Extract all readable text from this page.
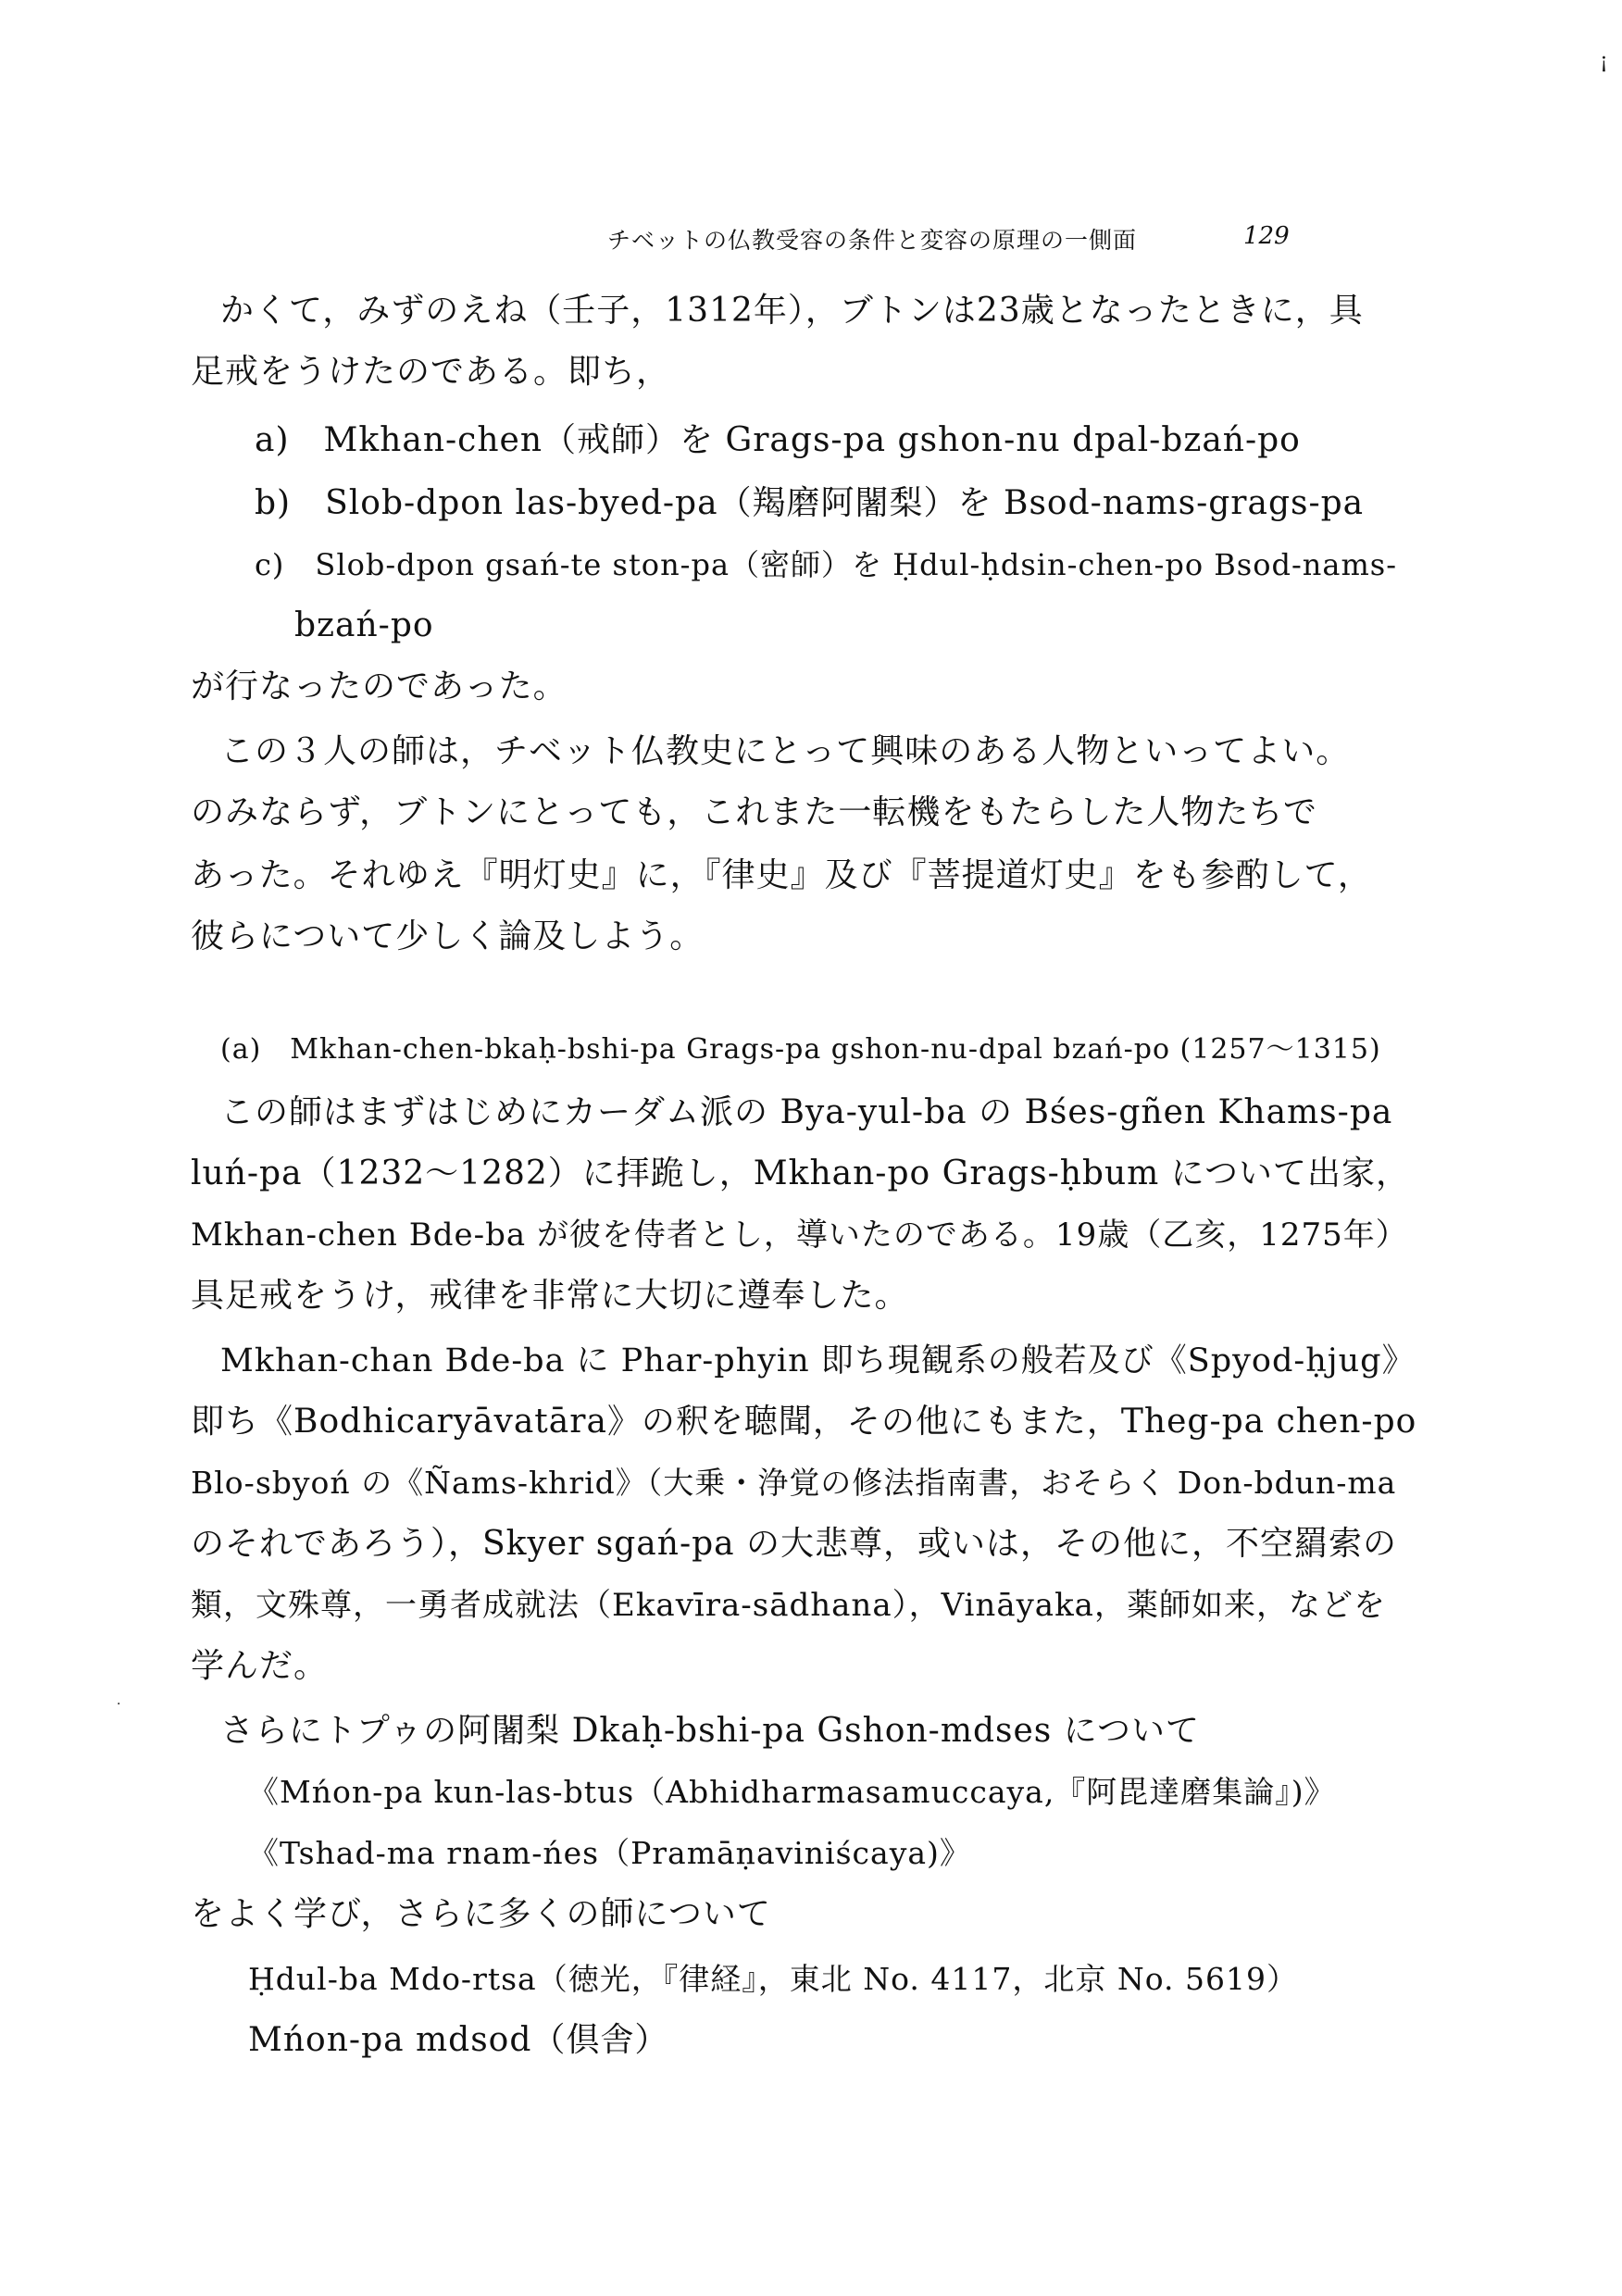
¡
·
チベットの仏教受容の条件と変容の原理の一側面	129
かくて，みずのえね（壬子，1312年），ブトンは23歳となったときに，具
足戒をうけたのである。即ち，
a)　Mkhan-chen（戒師）を Grags-pa gshon-nu dpal-bzań-po
b)　Slob-dpon las-byed-pa（羯磨阿闍梨）を Bsod-nams-grags-pa
c)　Slob-dpon gsań-te ston-pa（密師）を Ḥdul-ḥdsin-chen-po Bsod-nams-
bzań-po
が行なったのであった。
この３人の師は，チベット仏教史にとって興味のある人物といってよい。
のみならず，ブトンにとっても，これまた一転機をもたらした人物たちで
あった。それゆえ『明灯史』に，『律史』及び『菩提道灯史』をも参酌して，
彼らについて少しく論及しよう。
(a)　Mkhan-chen-bkaḥ-bshi-pa Grags-pa gshon-nu-dpal bzań-po (1257～1315)
この師はまずはじめにカーダム派の Bya-yul-ba の Bśes-gñen Khams-pa
luń-pa（1232～1282）に拝跪し，Mkhan-po Grags-ḥbum について出家，
Mkhan-chen Bde-ba が彼を侍者とし，導いたのである。19歳（乙亥，1275年）
具足戒をうけ，戒律を非常に大切に遵奉した。
Mkhan-chan Bde-ba に Phar-phyin 即ち現観系の般若及び《Spyod-ḥjug》
即ち《Bodhicaryāvatāra》の釈を聴聞，その他にもまた，Theg-pa chen-po
Blo-sbyoń の《Ñams-khrid》（大乗・浄覚の修法指南書，おそらく Don-bdun-ma
のそれであろう），Skyer sgań-pa の大悲尊，或いは，その他に，不空羂索の
類，文殊尊，一勇者成就法（Ekavīra-sādhana），Vināyaka，薬師如来，などを
学んだ。
さらにトプゥの阿闍梨 Dkaḥ-bshi-pa Gshon-mdses について
《Mńon-pa kun-las-btus（Abhidharmasamuccaya,『阿毘達磨集論』)》
《Tshad-ma rnam-ńes（Pramāṇaviniścaya)》
をよく学び，さらに多くの師について
Ḥdul-ba Mdo-rtsa（徳光，『律経』，東北 No. 4117，北京 No. 5619）
Mńon-pa mdsod（倶舎）
